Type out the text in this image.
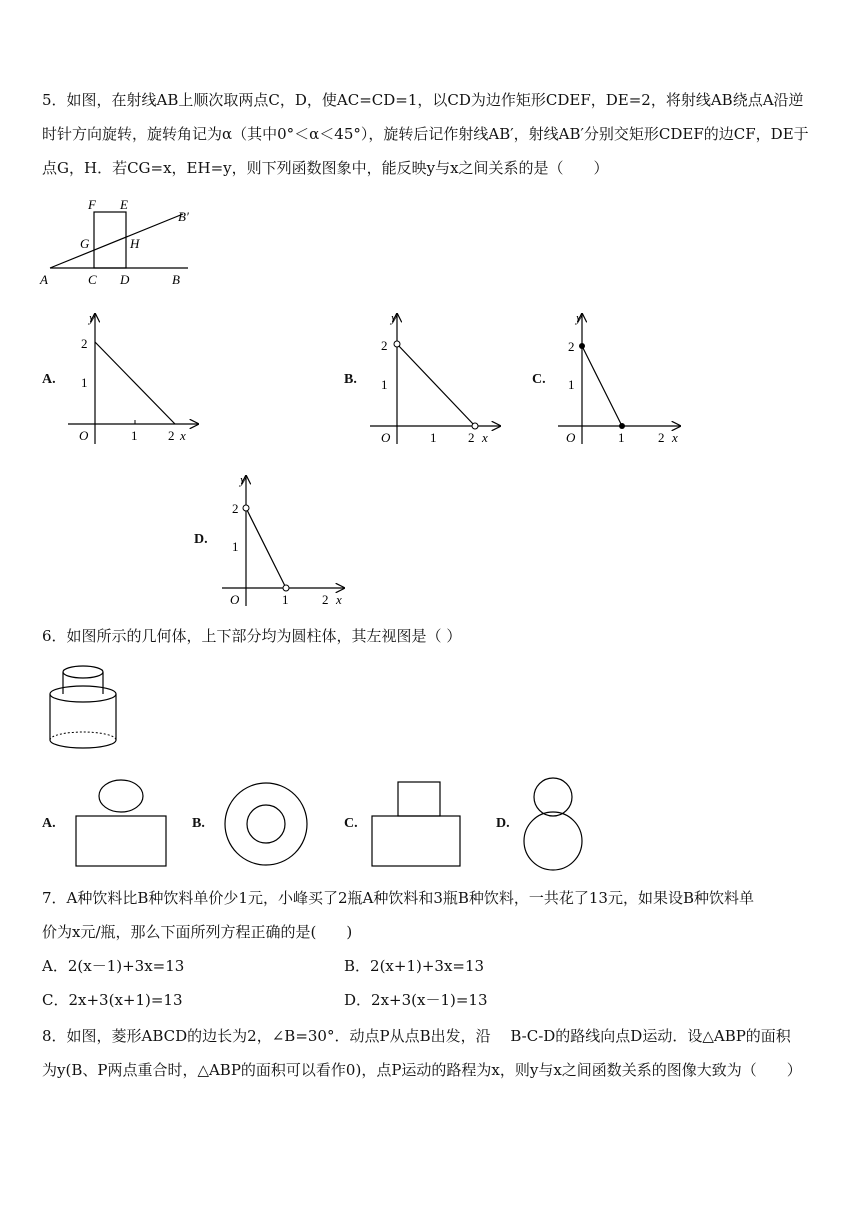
5．如图，在射线AB上顺次取两点C，D，使AC=CD=1，以CD为边作矩形CDEF，DE=2，将射线AB绕点A沿逆
时针方向旋转，旋转角记为α（其中0°＜α＜45°），旋转后记作射线AB′，射线AB′分别交矩形CDEF的边CF，DE于
点G，H．若CG=x，EH=y，则下列函数图象中，能反映y与x之间关系的是（　　）
F E
B′
G	H
A	C D	B
A.
y
x
O
1
2
1 2
B.
y
x
O
1
2
1 2
C.
y
x
O
1
2
1	2
D.
y
x
O
1
2
1	2
6．如图所示的几何体，上下部分均为圆柱体，其左视图是（ ）
A.	B.	C.	D.
7．A种饮料比B种饮料单价少1元，小峰买了2瓶A种饮料和3瓶B种饮料，一共花了13元，如果设B种饮料单
价为x元/瓶，那么下面所列方程正确的是(　　)
A．2(x－1)+3x=13	B．2(x+1)+3x=13
C．2x+3(x+1)=13	D．2x+3(x－1)=13
8．如图，菱形ABCD的边长为2，∠B=30°．动点P从点B出发，沿　 B-C-D的路线向点D运动．设△ABP的面积
为y(B、P两点重合时，△ABP的面积可以看作0)，点P运动的路程为x，则y与x之间函数关系的图像大致为（　　）
